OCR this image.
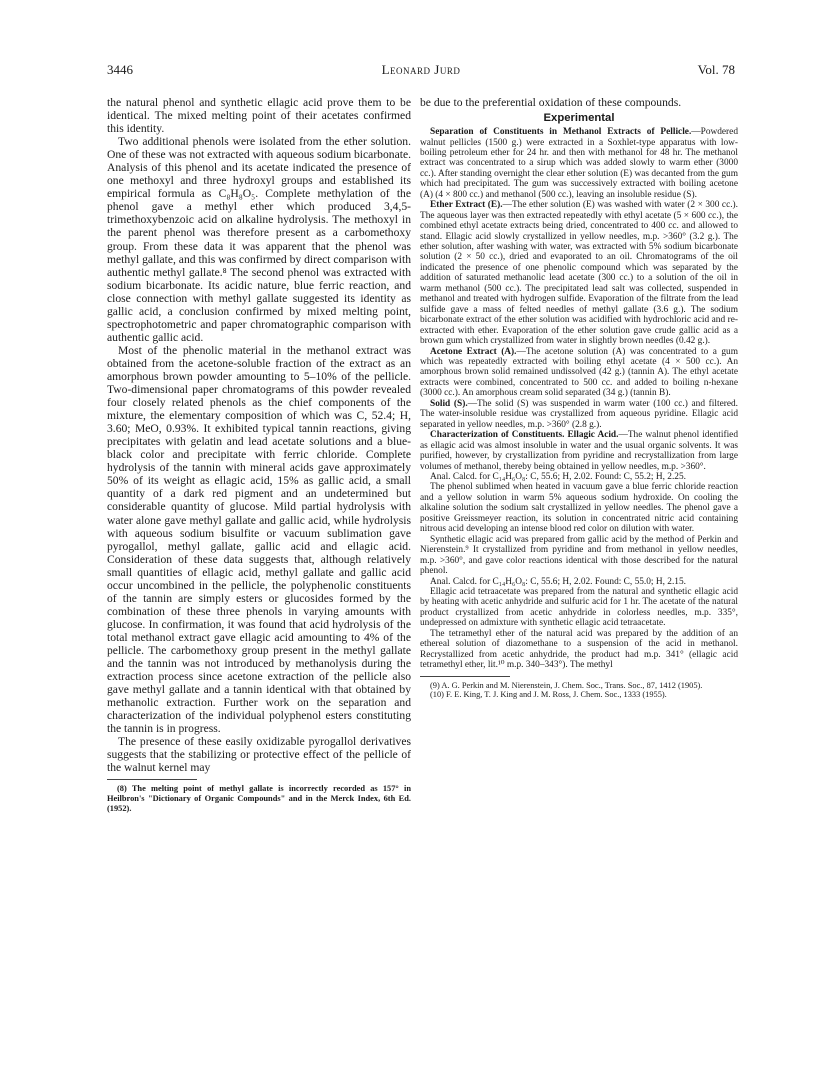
3446	Leonard Jurd	Vol. 78

the natural phenol and synthetic ellagic acid prove them to be identical. The mixed melting point of their acetates confirmed this identity.

Two additional phenols were isolated from the ether solution. One of these was not extracted with aqueous sodium bicarbonate. Analysis of this phenol and its acetate indicated the presence of one methoxyl and three hydroxyl groups and established its empirical formula as C₈H₈O₅. Complete methylation of the phenol gave a methyl ether which produced 3,4,5-trimethoxybenzoic acid on alkaline hydrolysis. The methoxyl in the parent phenol was therefore present as a carbomethoxy group. From these data it was apparent that the phenol was methyl gallate, and this was confirmed by direct comparison with authentic methyl gallate.⁸ The second phenol was extracted with sodium bicarbonate. Its acidic nature, blue ferric reaction, and close connection with methyl gallate suggested its identity as gallic acid, a conclusion confirmed by mixed melting point, spectrophotometric and paper chromatographic comparison with authentic gallic acid.

Most of the phenolic material in the methanol extract was obtained from the acetone-soluble fraction of the extract as an amorphous brown powder amounting to 5–10% of the pellicle. Two-dimensional paper chromatograms of this powder revealed four closely related phenols as the chief components of the mixture, the elementary composition of which was C, 52.4; H, 3.60; MeO, 0.93%. It exhibited typical tannin reactions, giving precipitates with gelatin and lead acetate solutions and a blue-black color and precipitate with ferric chloride. Complete hydrolysis of the tannin with mineral acids gave approximately 50% of its weight as ellagic acid, 15% as gallic acid, a small quantity of a dark red pigment and an undetermined but considerable quantity of glucose. Mild partial hydrolysis with water alone gave methyl gallate and gallic acid, while hydrolysis with aqueous sodium bisulfite or vacuum sublimation gave pyrogallol, methyl gallate, gallic acid and ellagic acid. Consideration of these data suggests that, although relatively small quantities of ellagic acid, methyl gallate and gallic acid occur uncombined in the pellicle, the polyphenolic constituents of the tannin are simply esters or glucosides formed by the combination of these three phenols in varying amounts with glucose. In confirmation, it was found that acid hydrolysis of the total methanol extract gave ellagic acid amounting to 4% of the pellicle. The carbomethoxy group present in the methyl gallate and the tannin was not introduced by methanolysis during the extraction process since acetone extraction of the pellicle also gave methyl gallate and a tannin identical with that obtained by methanolic extraction. Further work on the separation and characterization of the individual polyphenol esters constituting the tannin is in progress.

The presence of these easily oxidizable pyrogallol derivatives suggests that the stabilizing or protective effect of the pellicle of the walnut kernel may

(8) The melting point of methyl gallate is incorrectly recorded as 157° in Heilbron's "Dictionary of Organic Compounds" and in the Merck Index, 6th Ed. (1952).

be due to the preferential oxidation of these compounds.

Experimental

Separation of Constituents in Methanol Extracts of Pellicle.—Powdered walnut pellicles (1500 g.) were extracted in a Soxhlet-type apparatus with low-boiling petroleum ether for 24 hr. and then with methanol for 48 hr. The methanol extract was concentrated to a sirup which was added slowly to warm ether (3000 cc.). After standing overnight the clear ether solution (E) was decanted from the gum which had precipitated. The gum was successively extracted with boiling acetone (A) (4 × 800 cc.) and methanol (500 cc.), leaving an insoluble residue (S).

Ether Extract (E).—The ether solution (E) was washed with water (2 × 300 cc.). The aqueous layer was then extracted repeatedly with ethyl acetate (5 × 600 cc.), the combined ethyl acetate extracts being dried, concentrated to 400 cc. and allowed to stand. Ellagic acid slowly crystallized in yellow needles, m.p. >360° (3.2 g.). The ether solution, after washing with water, was extracted with 5% sodium bicarbonate solution (2 × 50 cc.), dried and evaporated to an oil. Chromatograms of the oil indicated the presence of one phenolic compound which was separated by the addition of saturated methanolic lead acetate (300 cc.) to a solution of the oil in warm methanol (500 cc.). The precipitated lead salt was collected, suspended in methanol and treated with hydrogen sulfide. Evaporation of the filtrate from the lead sulfide gave a mass of felted needles of methyl gallate (3.6 g.). The sodium bicarbonate extract of the ether solution was acidified with hydrochloric acid and re-extracted with ether. Evaporation of the ether solution gave crude gallic acid as a brown gum which crystallized from water in slightly brown needles (0.42 g.).

Acetone Extract (A).—The acetone solution (A) was concentrated to a gum which was repeatedly extracted with boiling ethyl acetate (4 × 500 cc.). An amorphous brown solid remained undissolved (42 g.) (tannin A). The ethyl acetate extracts were combined, concentrated to 500 cc. and added to boiling n-hexane (3000 cc.). An amorphous cream solid separated (34 g.) (tannin B).

Solid (S).—The solid (S) was suspended in warm water (100 cc.) and filtered. The water-insoluble residue was crystallized from aqueous pyridine. Ellagic acid separated in yellow needles, m.p. >360° (2.8 g.).

Characterization of Constituents. Ellagic Acid.—The walnut phenol identified as ellagic acid was almost insoluble in water and the usual organic solvents. It was purified, however, by crystallization from pyridine and recrystallization from large volumes of methanol, thereby being obtained in yellow needles, m.p. >360°.

Anal. Calcd. for C₁₄H₆O₈: C, 55.6; H, 2.02. Found: C, 55.2; H, 2.25.

The phenol sublimed when heated in vacuum gave a blue ferric chloride reaction and a yellow solution in warm 5% aqueous sodium hydroxide. On cooling the alkaline solution the sodium salt crystallized in yellow needles. The phenol gave a positive Greissmeyer reaction, its solution in concentrated nitric acid containing nitrous acid developing an intense blood red color on dilution with water.

Synthetic ellagic acid was prepared from gallic acid by the method of Perkin and Nierenstein.⁹ It crystallized from pyridine and from methanol in yellow needles, m.p. >360°, and gave color reactions identical with those described for the natural phenol.

Anal. Calcd. for C₁₄H₆O₈: C, 55.6; H, 2.02. Found: C, 55.0; H, 2.15.

Ellagic acid tetraacetate was prepared from the natural and synthetic ellagic acid by heating with acetic anhydride and sulfuric acid for 1 hr. The acetate of the natural product crystallized from acetic anhydride in colorless needles, m.p. 335°, undepressed on admixture with synthetic ellagic acid tetraacetate.

The tetramethyl ether of the natural acid was prepared by the addition of an ethereal solution of diazomethane to a suspension of the acid in methanol. Recrystallized from acetic anhydride, the product had m.p. 341° (ellagic acid tetramethyl ether, lit.¹⁰ m.p. 340–343°). The methyl

(9) A. G. Perkin and M. Nierenstein, J. Chem. Soc., Trans. Soc., 87, 1412 (1905).

(10) F. E. King, T. J. King and J. M. Ross, J. Chem. Soc., 1333 (1955).
